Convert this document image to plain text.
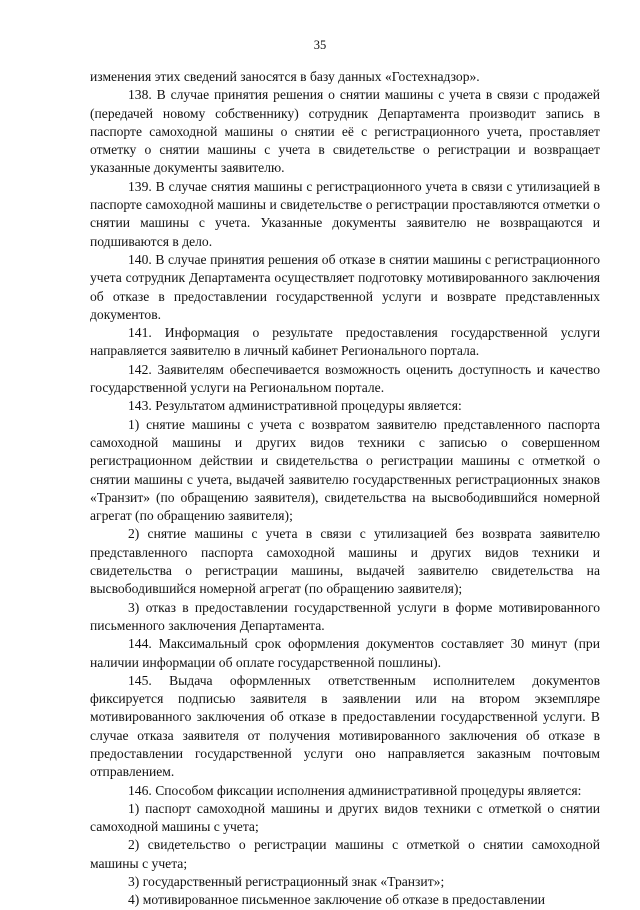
35

изменения этих сведений заносятся в базу данных «Гостехнадзор».

138. В случае принятия решения о снятии машины с учета в связи с продажей (передачей новому собственнику) сотрудник Департамента производит запись в паспорте самоходной машины о снятии её с регистрационного учета, проставляет отметку о снятии машины с учета в свидетельстве о регистрации и возвращает указанные документы заявителю.

139. В случае снятия машины с регистрационного учета в связи с утилизацией в паспорте самоходной машины и свидетельстве о регистрации проставляются отметки о снятии машины с учета. Указанные документы заявителю не возвращаются и подшиваются в дело.

140. В случае принятия решения об отказе в снятии машины с регистрационного учета сотрудник Департамента осуществляет подготовку мотивированного заключения об отказе в предоставлении государственной услуги и возврате представленных документов.

141. Информация о результате предоставления государственной услуги направляется заявителю в личный кабинет Регионального портала.

142. Заявителям обеспечивается возможность оценить доступность и качество государственной услуги на Региональном портале.

143. Результатом административной процедуры является:

1) снятие машины с учета с возвратом заявителю представленного паспорта самоходной машины и других видов техники с записью о совершенном регистрационном действии и свидетельства о регистрации машины с отметкой о снятии машины с учета, выдачей заявителю государственных регистрационных знаков «Транзит» (по обращению заявителя), свидетельства на высвободившийся номерной агрегат (по обращению заявителя);

2) снятие машины с учета в связи с утилизацией без возврата заявителю представленного паспорта самоходной машины и других видов техники и свидетельства о регистрации машины, выдачей заявителю свидетельства на высвободившийся номерной агрегат (по обращению заявителя);

3) отказ в предоставлении государственной услуги в форме мотивированного письменного заключения Департамента.

144. Максимальный срок оформления документов составляет 30 минут (при наличии информации об оплате государственной пошлины).

145. Выдача оформленных ответственным исполнителем документов фиксируется подписью заявителя в заявлении или на втором экземпляре мотивированного заключения об отказе в предоставлении государственной услуги. В случае отказа заявителя от получения мотивированного заключения об отказе в предоставлении государственной услуги оно направляется заказным почтовым отправлением.

146. Способом фиксации исполнения административной процедуры является:

1) паспорт самоходной машины и других видов техники с отметкой о снятии самоходной машины с учета;

2) свидетельство о регистрации машины с отметкой о снятии самоходной машины с учета;

3) государственный регистрационный знак «Транзит»;

4) мотивированное письменное заключение об отказе в предоставлении
